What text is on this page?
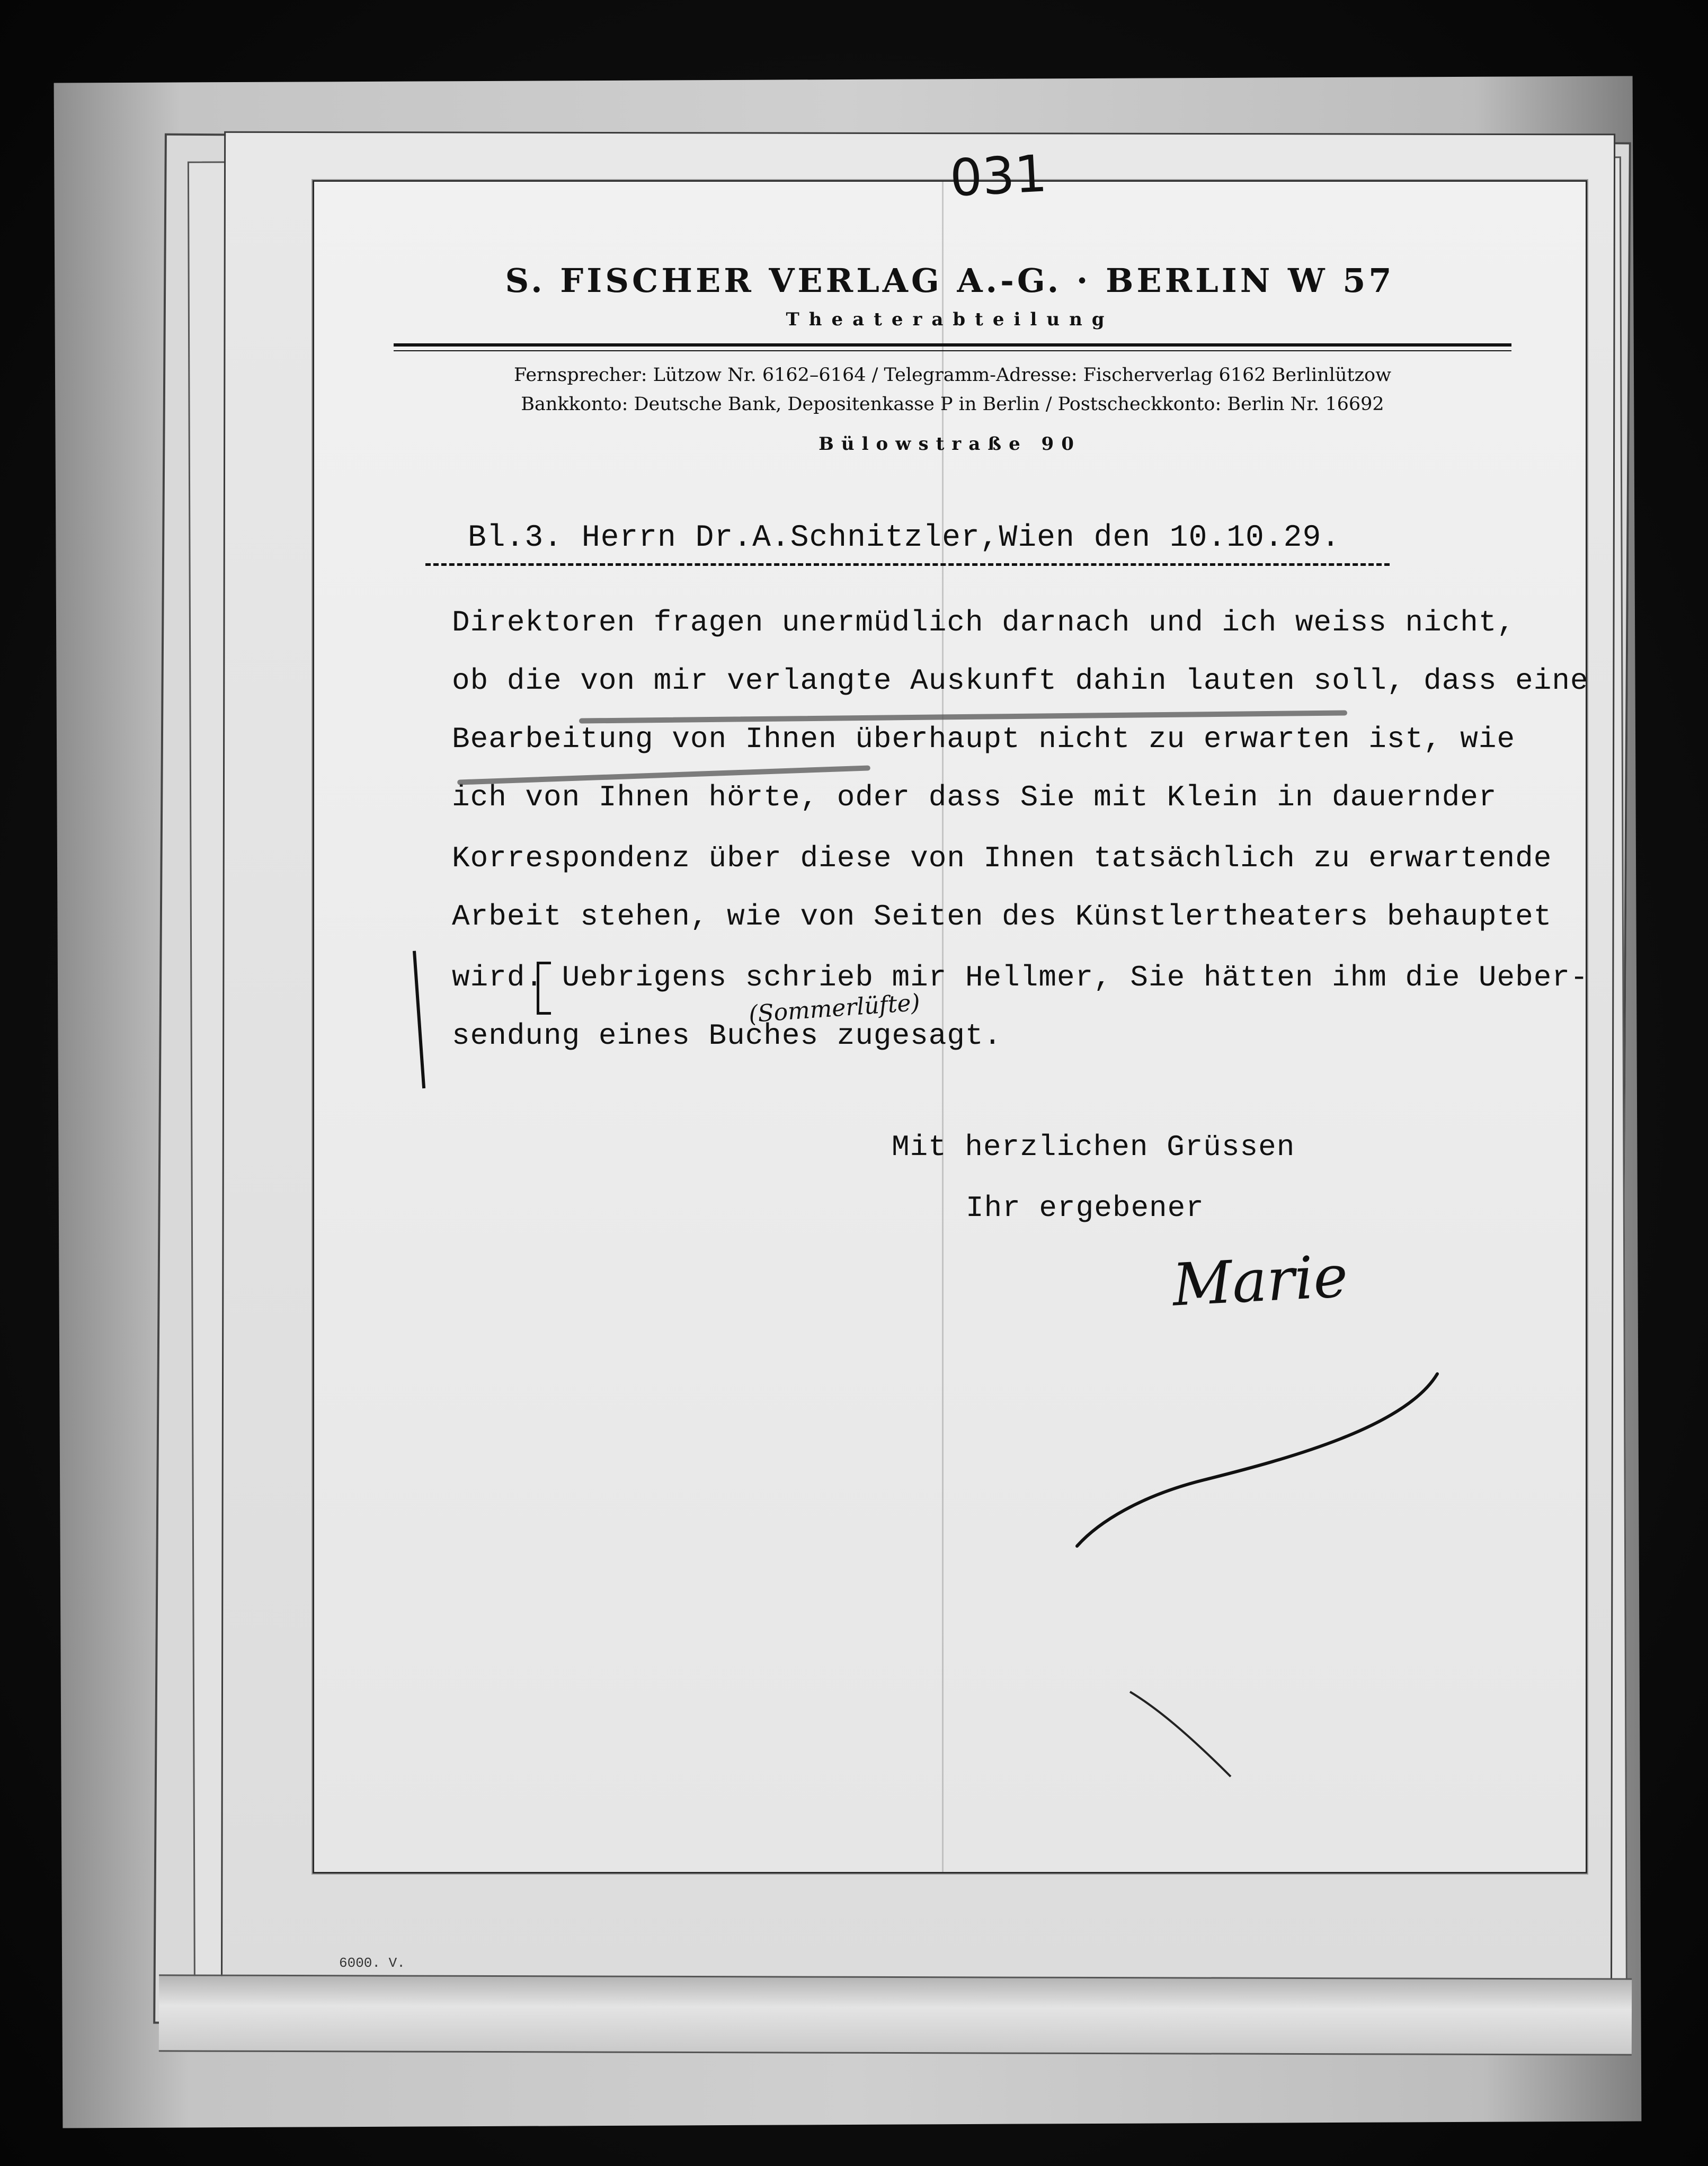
031
S. FISCHER VERLAG A.-G. · BERLIN W 57
Theaterabteilung
Fernsprecher: Lützow Nr. 6162–6164 / Telegramm-Adresse: Fischerverlag 6162 Berlinlützow
Bankkonto: Deutsche Bank, Depositenkasse P in Berlin / Postscheckkonto: Berlin Nr. 16692
Bülowstraße 90
Bl.3. Herrn Dr.A.Schnitzler,Wien den 10.10.29.
Direktoren fragen unermüdlich darnach und ich weiss nicht,
ob die von mir verlangte Auskunft dahin lauten soll, dass eine
Bearbeitung von Ihnen überhaupt nicht zu erwarten ist, wie
ich von Ihnen hörte, oder dass Sie mit Klein in dauernder
Korrespondenz über diese von Ihnen tatsächlich zu erwartende
Arbeit stehen, wie von Seiten des Künstlertheaters behauptet
wird. Uebrigens schrieb mir Hellmer, Sie hätten ihm die Ueber-
sendung eines Buches zugesagt.
(Sommerlüfte)
Mit herzlichen Grüssen
Ihr ergebener
Marie
6000. V.
